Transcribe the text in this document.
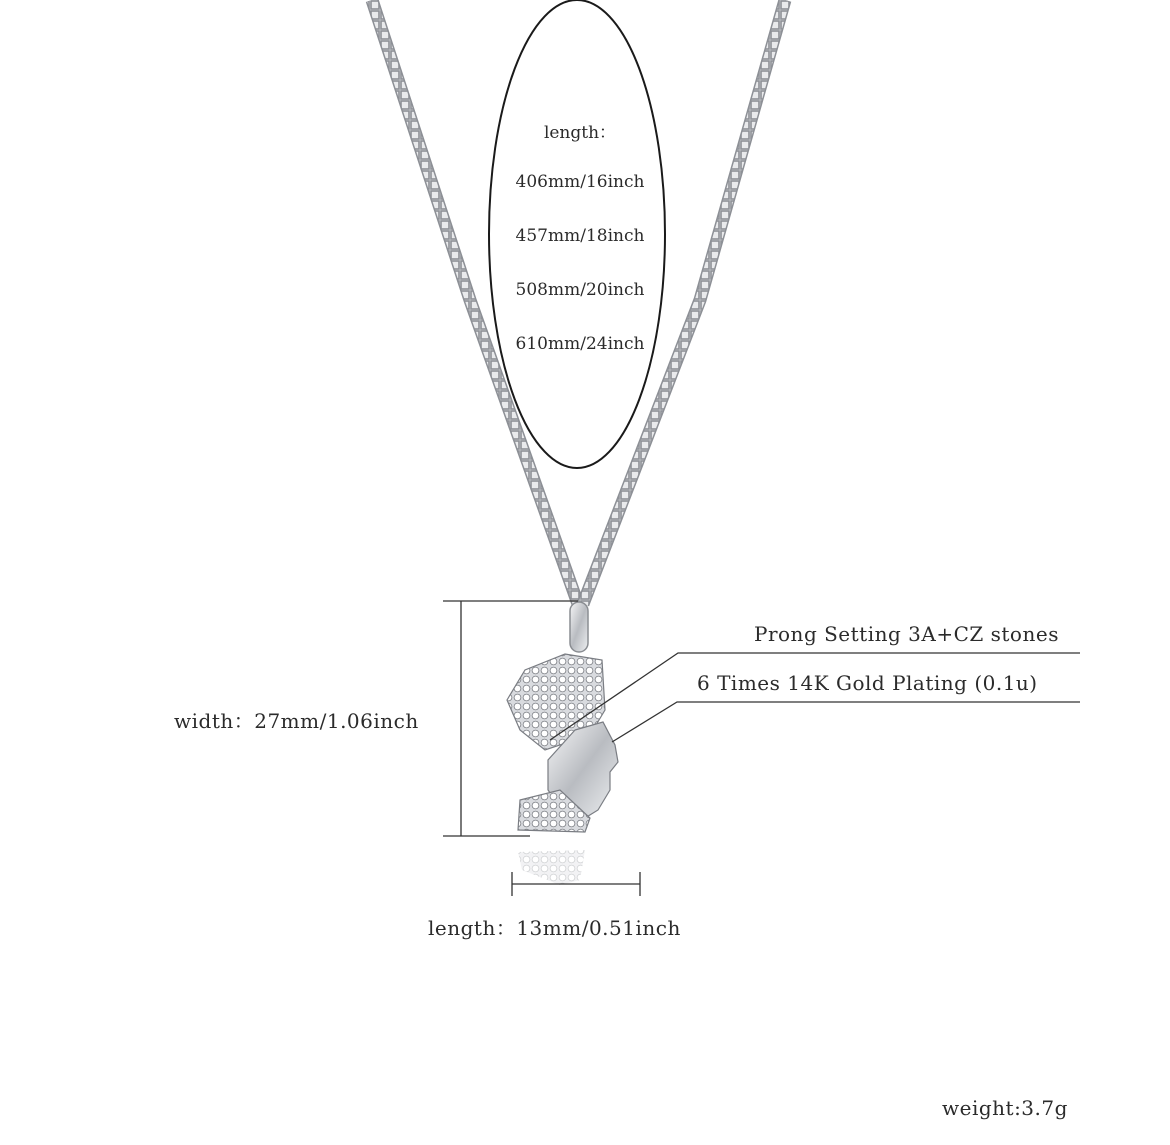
length：
406mm/16inch
457mm/18inch
508mm/20inch
610mm/24inch
Prong Setting 3A+CZ stones
6 Times 14K Gold Plating (0.1u)
width：27mm/1.06inch
length：13mm/0.51inch
weight:3.7g
